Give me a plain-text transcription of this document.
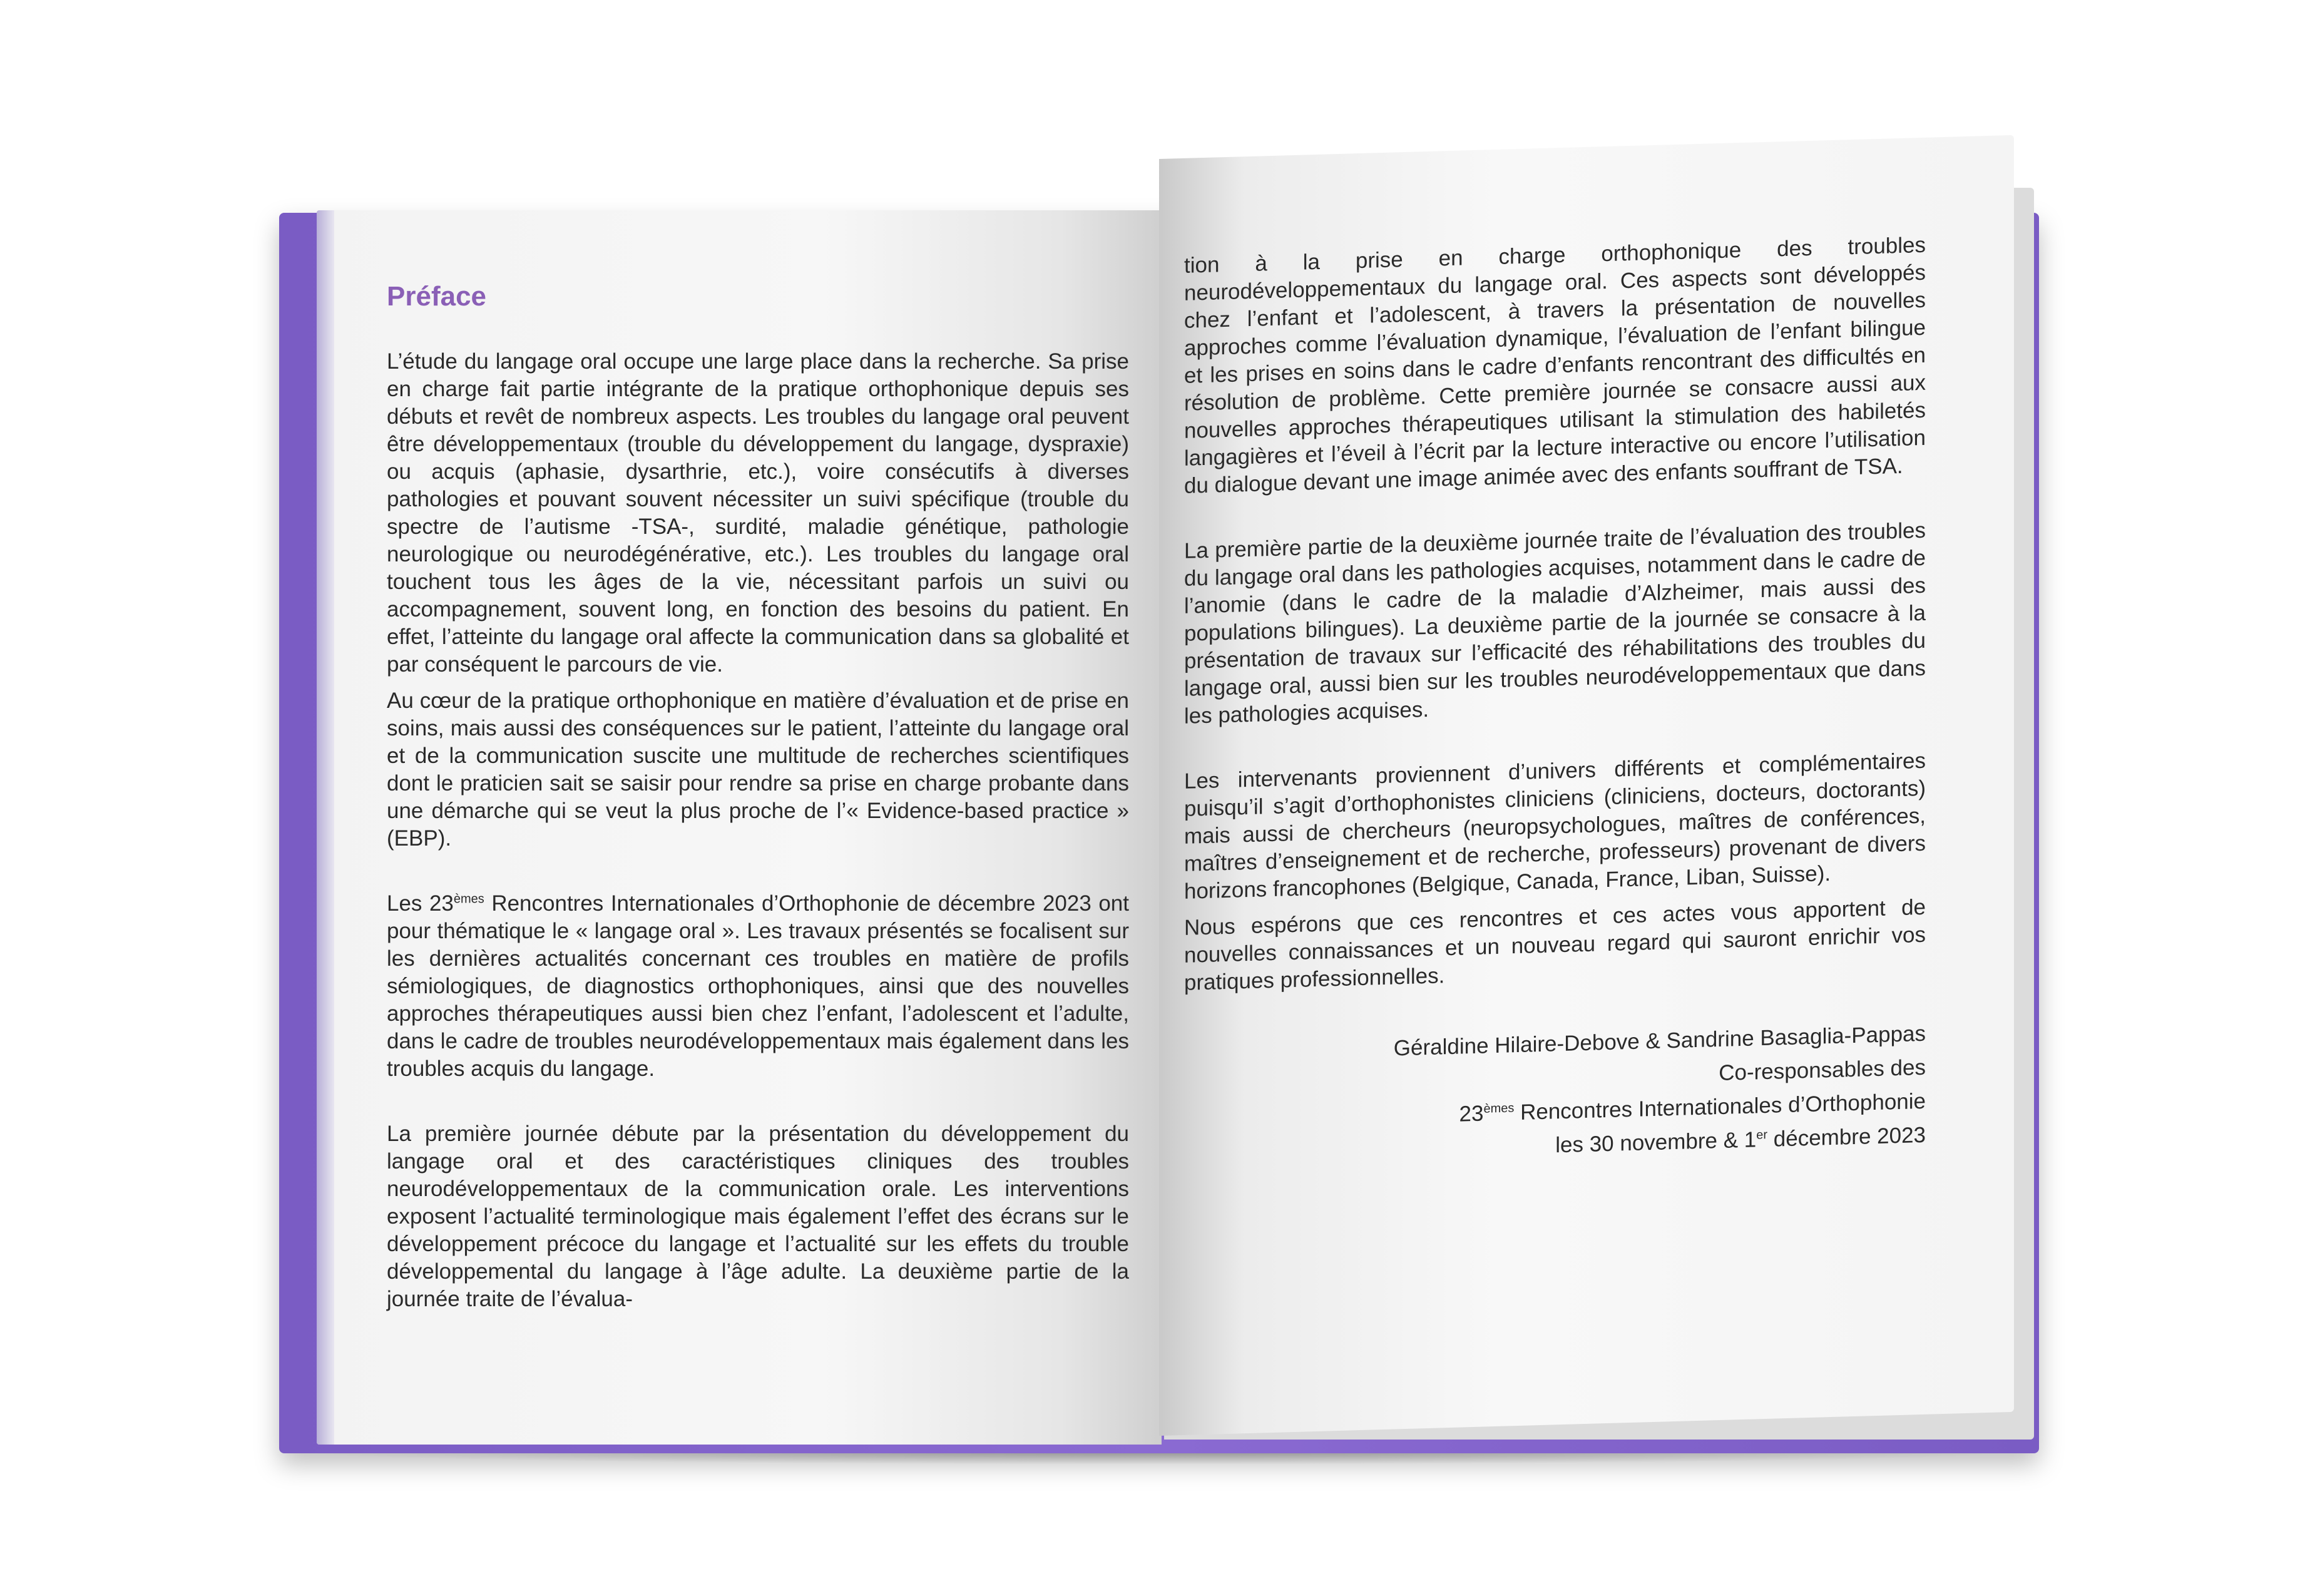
Préface

L’étude du langage oral occupe une large place dans la recherche. Sa prise en charge fait partie intégrante de la pratique orthophonique depuis ses débuts et revêt de nombreux aspects. Les troubles du langage oral peuvent être développementaux (trouble du développement du langage, dyspraxie) ou acquis (aphasie, dysarthrie, etc.), voire consécutifs à diverses pathologies et pouvant souvent nécessiter un suivi spécifique (trouble du spectre de l’autisme -TSA-, surdité, maladie génétique, pathologie neurologique ou neurodégénérative, etc.). Les troubles du langage oral touchent tous les âges de la vie, nécessitant parfois un suivi ou accompagnement, souvent long, en fonction des besoins du patient. En effet, l’atteinte du langage oral affecte la communication dans sa globalité et par conséquent le parcours de vie.

Au cœur de la pratique orthophonique en matière d’évaluation et de prise en soins, mais aussi des conséquences sur le patient, l’atteinte du langage oral et de la communication suscite une multitude de recherches scientifiques dont le praticien sait se saisir pour rendre sa prise en charge probante dans une démarche qui se veut la plus proche de l’« Evidence-based practice » (EBP).

Les 23èmes Rencontres Internationales d’Orthophonie de décembre 2023 ont pour thématique le « langage oral ». Les travaux présentés se focalisent sur les dernières actualités concernant ces troubles en matière de profils sémiologiques, de diagnostics orthophoniques, ainsi que des nouvelles approches thérapeutiques aussi bien chez l’enfant, l’adolescent et l’adulte, dans le cadre de troubles neurodéveloppementaux mais également dans les troubles acquis du langage.

La première journée débute par la présentation du développement du langage oral et des caractéristiques cliniques des troubles neurodéveloppementaux de la communication orale. Les interventions exposent l’actualité terminologique mais également l’effet des écrans sur le développement précoce du langage et l’actualité sur les effets du trouble développemental du langage à l’âge adulte. La deuxième partie de la journée traite de l’évalua-

tion à la prise en charge orthophonique des troubles neurodéveloppementaux du langage oral. Ces aspects sont développés chez l’enfant et l’adolescent, à travers la présentation de nouvelles approches comme l’évaluation dynamique, l’évaluation de l’enfant bilingue et les prises en soins dans le cadre d’enfants rencontrant des difficultés en résolution de problème. Cette première journée se consacre aussi aux nouvelles approches thérapeutiques utilisant la stimulation des habiletés langagières et l’éveil à l’écrit par la lecture interactive ou encore l’utilisation du dialogue devant une image animée avec des enfants souffrant de TSA.

La première partie de la deuxième journée traite de l’évaluation des troubles du langage oral dans les pathologies acquises, notamment dans le cadre de l’anomie (dans le cadre de la maladie d’Alzheimer, mais aussi des populations bilingues). La deuxième partie de la journée se consacre à la présentation de travaux sur l’efficacité des réhabilitations des troubles du langage oral, aussi bien sur les troubles neurodéveloppementaux que dans les pathologies acquises.

Les intervenants proviennent d’univers différents et complémentaires puisqu’il s’agit d’orthophonistes cliniciens (cliniciens, docteurs, doctorants) mais aussi de chercheurs (neuropsychologues, maîtres de conférences, maîtres d’enseignement et de recherche, professeurs) provenant de divers horizons francophones (Belgique, Canada, France, Liban, Suisse).

Nous espérons que ces rencontres et ces actes vous apportent de nouvelles connaissances et un nouveau regard qui sauront enrichir vos pratiques professionnelles.

Géraldine Hilaire-Debove & Sandrine Basaglia-Pappas
Co-responsables des
23èmes Rencontres Internationales d’Orthophonie
les 30 novembre & 1er décembre 2023
